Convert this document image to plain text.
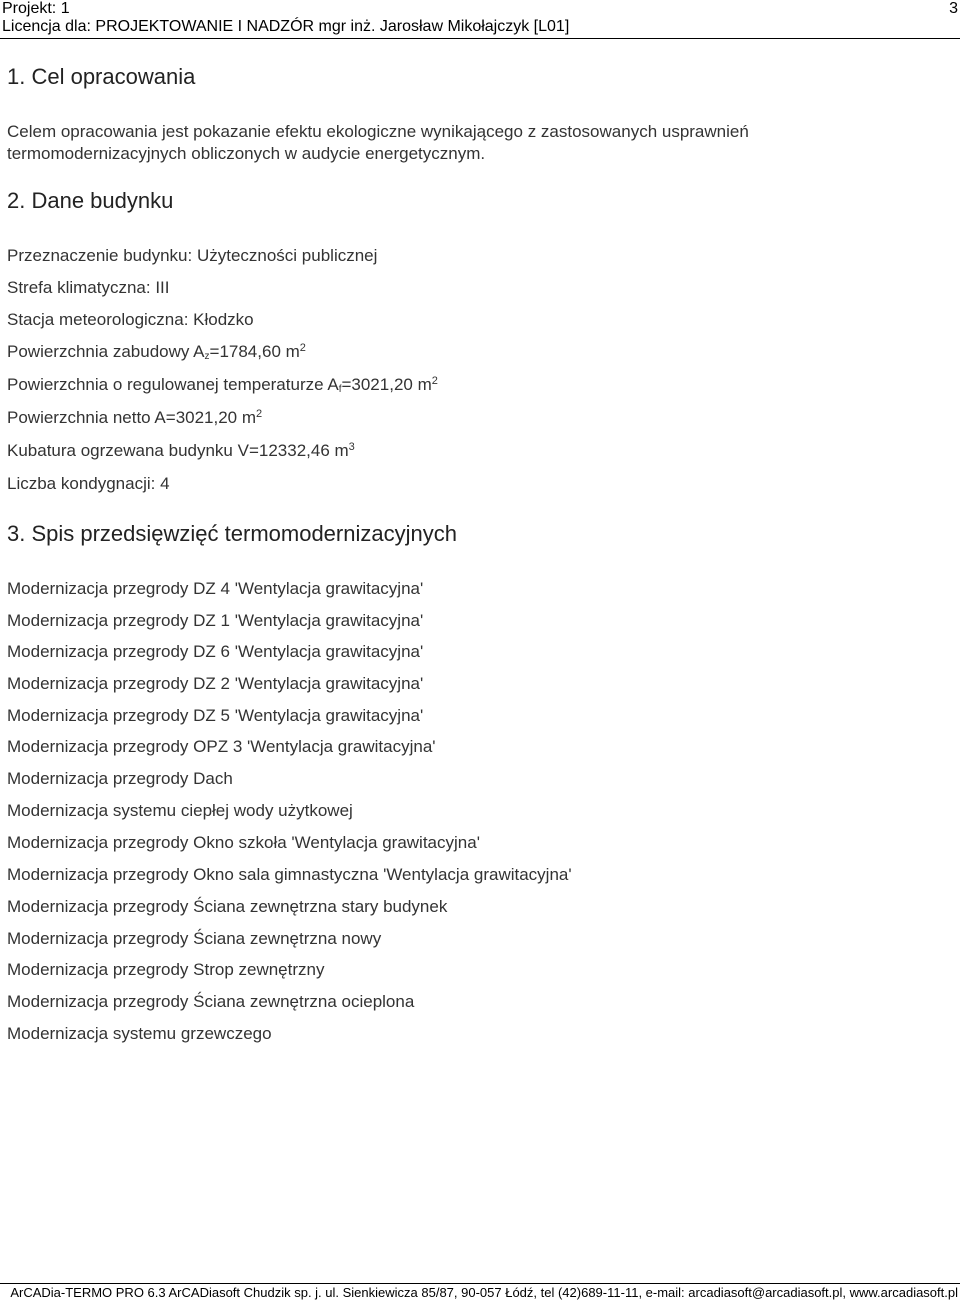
Projekt: 1
Licencja dla: PROJEKTOWANIE I NADZÓR mgr inż. Jarosław Mikołajczyk [L01]
3
1. Cel opracowania
Celem opracowania jest pokazanie efektu ekologiczne wynikającego z zastosowanych usprawnień
termomodernizacyjnych obliczonych w audycie energetycznym.
2. Dane budynku
Przeznaczenie budynku: Użyteczności publicznej
Strefa klimatyczna: III
Stacja meteorologiczna: Kłodzko
Powierzchnia zabudowy $A_z=1784,60$ $m^2$
Powierzchnia o regulowanej temperaturze $A_f=3021,20$ $m^2$
Powierzchnia netto A=3021,20 $m^2$
Kubatura ogrzewana budynku V=12332,46 $m^3$
Liczba kondygnacji: 4
3. Spis przedsięwzięć termomodernizacyjnych
Modernizacja przegrody DZ 4 'Wentylacja grawitacyjna'
Modernizacja przegrody DZ 1 'Wentylacja grawitacyjna'
Modernizacja przegrody DZ 6 'Wentylacja grawitacyjna'
Modernizacja przegrody DZ 2 'Wentylacja grawitacyjna'
Modernizacja przegrody DZ 5 'Wentylacja grawitacyjna'
Modernizacja przegrody OPZ 3 'Wentylacja grawitacyjna'
Modernizacja przegrody Dach
Modernizacja systemu ciepłej wody użytkowej
Modernizacja przegrody Okno szkoła 'Wentylacja grawitacyjna'
Modernizacja przegrody Okno sala gimnastyczna 'Wentylacja grawitacyjna'
Modernizacja przegrody Ściana zewnętrzna stary budynek
Modernizacja przegrody Ściana zewnętrzna nowy
Modernizacja przegrody Strop zewnętrzny
Modernizacja przegrody Ściana zewnętrzna ocieplona
Modernizacja systemu grzewczego
ArCADia-TERMO PRO 6.3 ArCADiasoft Chudzik sp. j. ul. Sienkiewicza 85/87, 90-057 Łódź, tel (42)689-11-11, e-mail: arcadiasoft@arcadiasoft.pl, www.arcadiasoft.pl
